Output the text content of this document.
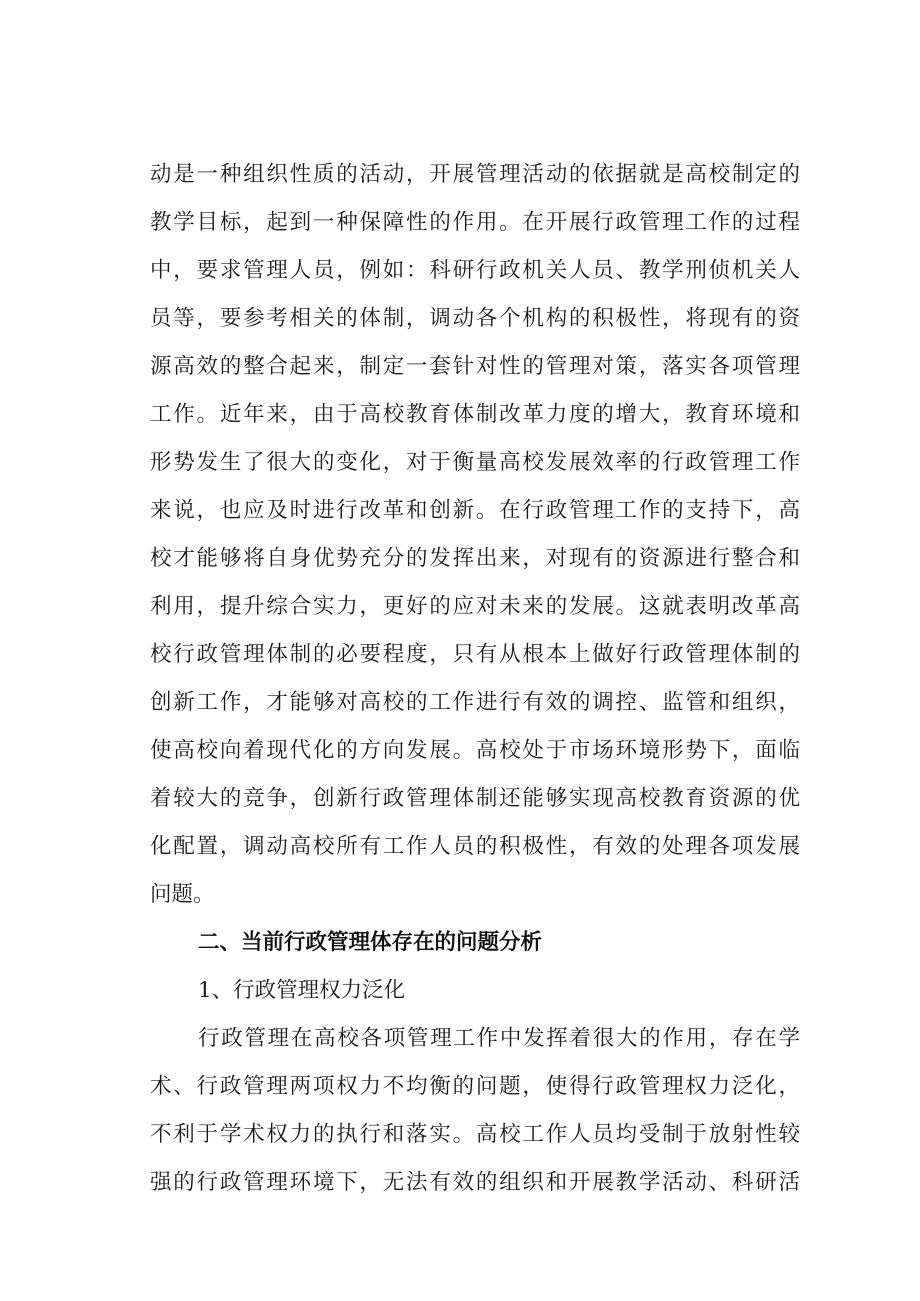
动是一种组织性质的活动，开展管理活动的依据就是高校制定的
教学目标，起到一种保障性的作用。在开展行政管理工作的过程
中，要求管理人员，例如：科研行政机关人员、教学刑侦机关人
员等，要参考相关的体制，调动各个机构的积极性，将现有的资
源高效的整合起来，制定一套针对性的管理对策，落实各项管理
工作。近年来，由于高校教育体制改革力度的增大，教育环境和
形势发生了很大的变化，对于衡量高校发展效率的行政管理工作
来说，也应及时进行改革和创新。在行政管理工作的支持下，高
校才能够将自身优势充分的发挥出来，对现有的资源进行整合和
利用，提升综合实力，更好的应对未来的发展。这就表明改革高
校行政管理体制的必要程度，只有从根本上做好行政管理体制的
创新工作，才能够对高校的工作进行有效的调控、监管和组织，
使高校向着现代化的方向发展。高校处于市场环境形势下，面临
着较大的竞争，创新行政管理体制还能够实现高校教育资源的优
化配置，调动高校所有工作人员的积极性，有效的处理各项发展
问题。
二、当前行政管理体存在的问题分析
1、行政管理权力泛化
行政管理在高校各项管理工作中发挥着很大的作用，存在学
术、行政管理两项权力不均衡的问题，使得行政管理权力泛化，
不利于学术权力的执行和落实。高校工作人员均受制于放射性较
强的行政管理环境下，无法有效的组织和开展教学活动、科研活
